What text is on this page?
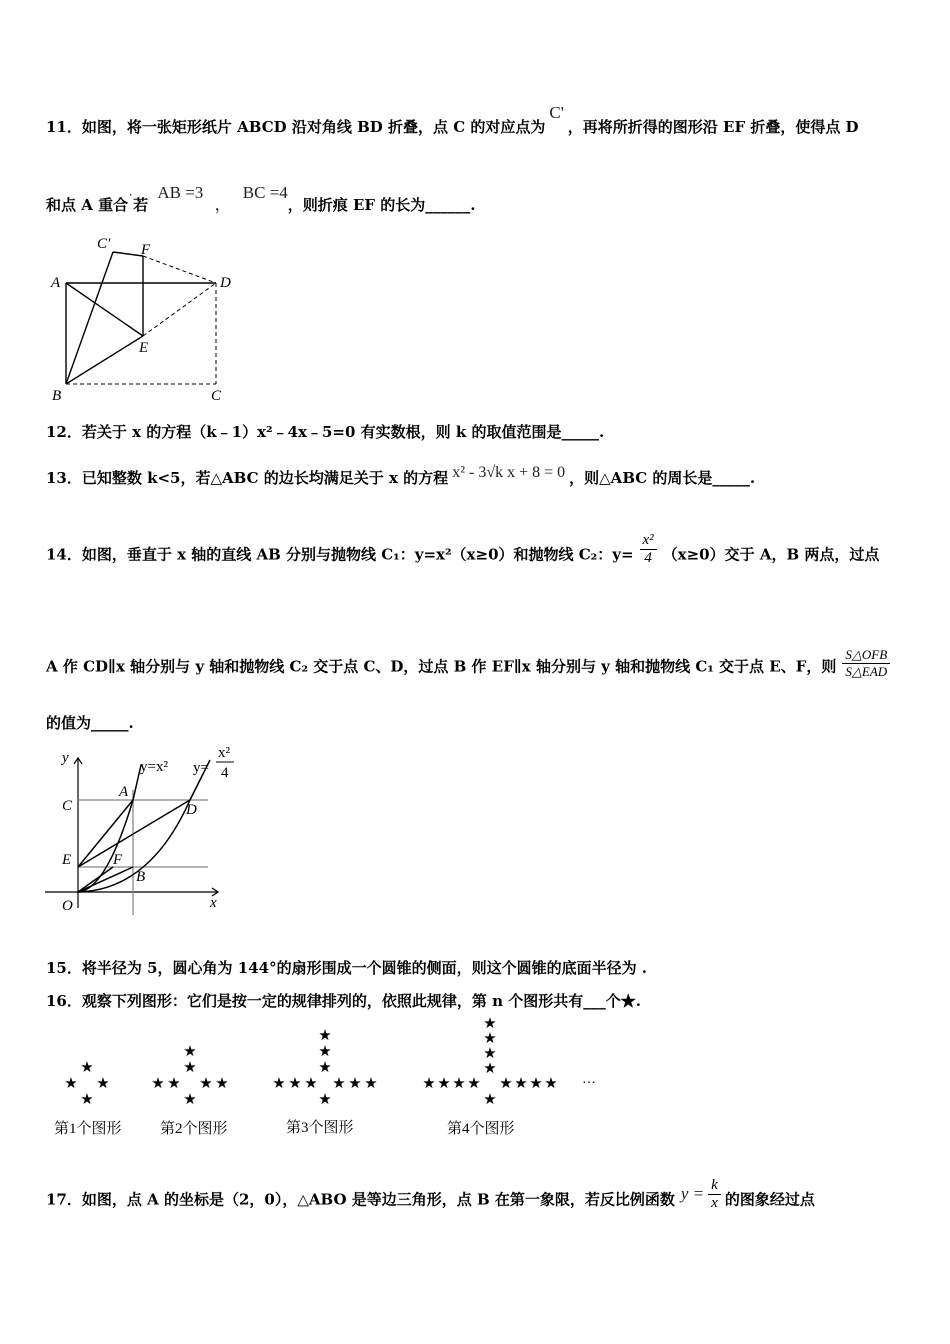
11．如图，将一张矩形纸片 ABCD 沿对角线 BD 折叠，点 C 的对应点为C'，再将所折得的图形沿 EF 折叠，使得点 D
和点 A 重合˙若 AB =3 ， BC =4，则折痕 EF 的长为______.
C' F
A	D
E
B	C
12．若关于 x 的方程（k﹣1）x²﹣4x﹣5=0 有实数根，则 k 的取值范围是_____.
13．已知整数 k<5，若△ABC 的边长均满足关于 x 的方程 x² - 3√k x + 8 = 0 ，则△ABC 的周长是_____.
14．如图，垂直于 x 轴的直线 AB 分别与抛物线 C₁：y=x²（x≥0）和抛物线 C₂：$y= \frac{\text{x²}}{4} (x\ge 0)$交于 A，B 两点，过点
A 作 CD∥x 轴分别与 y 轴和抛物线 C₂ 交于点 C、D，过点 B 作 EF∥x 轴分别与 y 轴和抛物线 C₁ 交于点 E、F，则 $\frac{\text{S△OFB}}{\text{S△EAD}}$
的值为_____.
y
y=x² y=
x²
4
A
C	D
E	F
B
O	x
15．将半径为 5，圆心角为 144°的扇形围成一个圆锥的侧面，则这个圆锥的底面半径为 .
16．观察下列图形：它们是按一定的规律排列的，依照此规律，第 n 个图形共有___个★.
★
★ ★
★
★
★
★ ★ ★ ★
★
★
★
★
★ ★ ★ ★ ★ ★
★
★
★
★
★
★ ★ ★ ★ ★ ★ ★ ★
★
···
第1个图形	第2个图形	第3个图形	第4个图形
17．如图，点 A 的坐标是（2，0），△ABO 是等边三角形，点 B 在第一象限，若反比例函数 $y = \frac{k}{x}$ 的图象经过点
